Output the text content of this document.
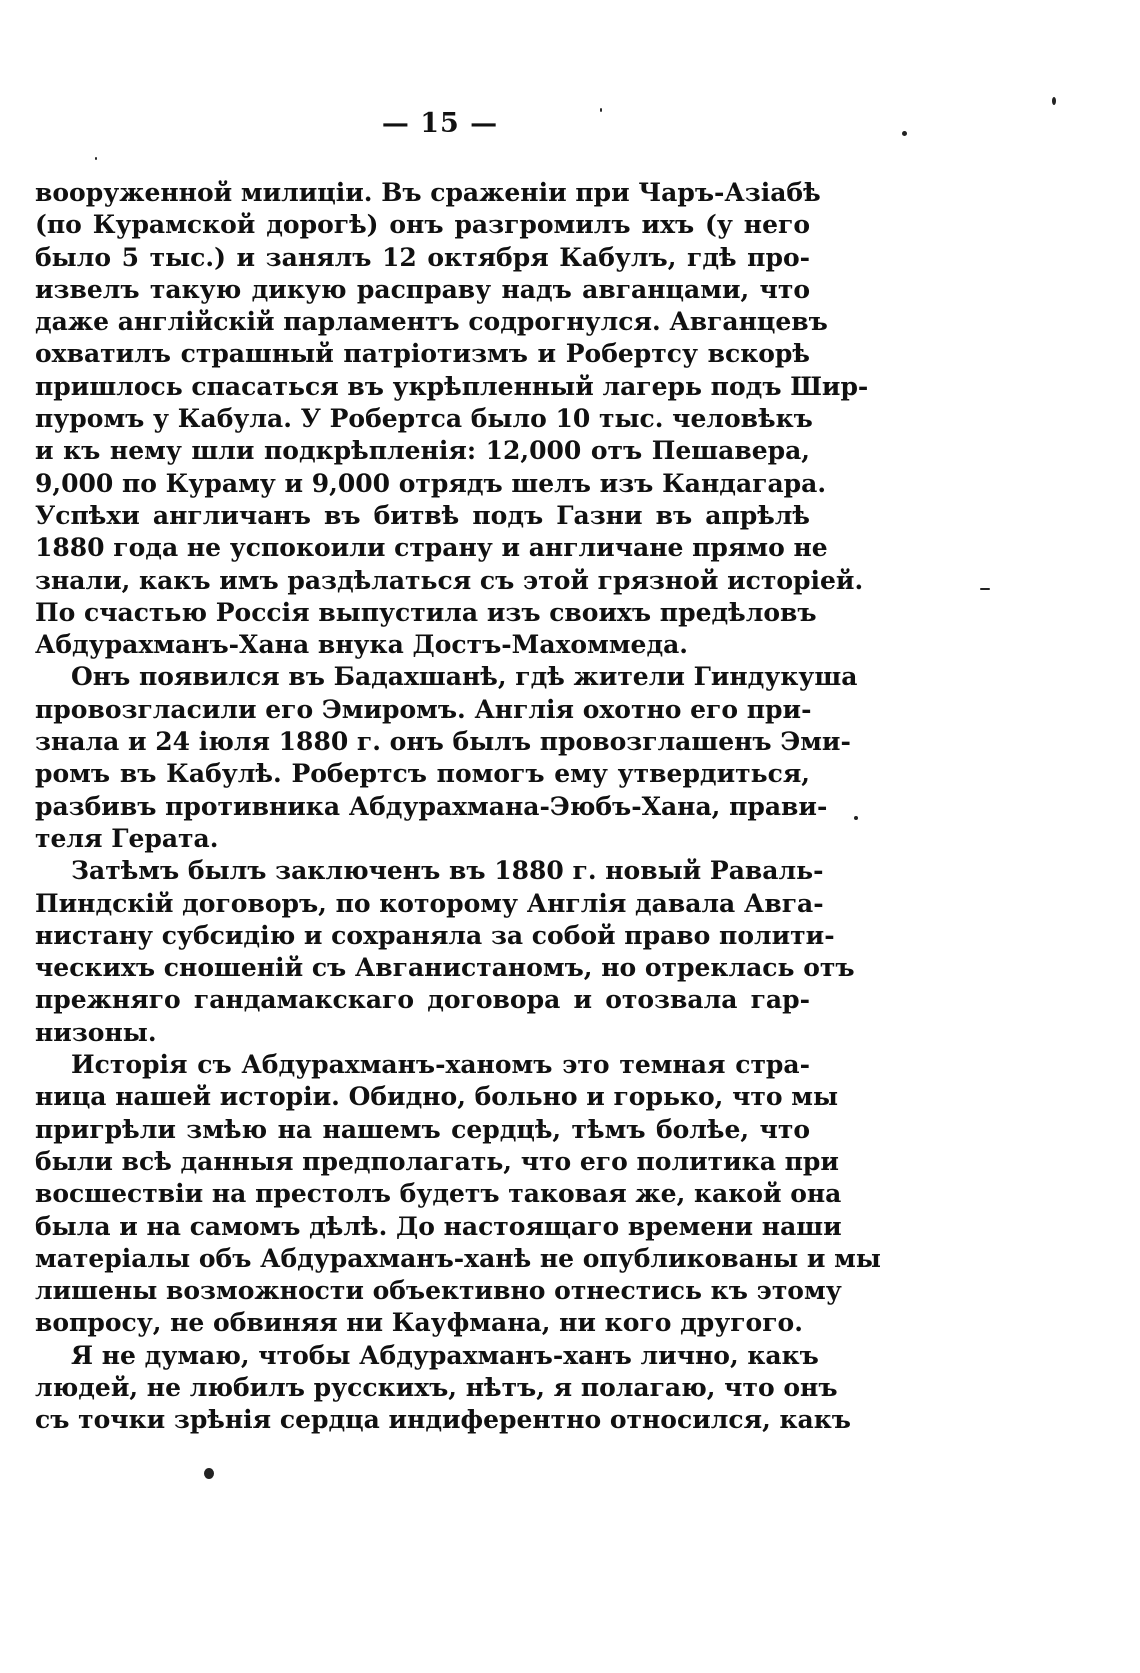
— 15 —
вооруженной милиціи. Въ сраженіи при Чаръ-Азіабѣ
(по Курамской дорогѣ) онъ разгромилъ ихъ (у него
было 5 тыс.) и занялъ 12 октября Кабулъ, гдѣ про-
извелъ такую дикую расправу надъ авганцами, что
даже англійскій парламентъ содрогнулся. Авганцевъ
охватилъ страшный патріотизмъ и Робертсу вскорѣ
пришлось спасаться въ укрѣпленный лагерь подъ Шир-
пуромъ у Кабула. У Робертса было 10 тыс. человѣкъ
и къ нему шли подкрѣпленія: 12,000 отъ Пешавера,
9,000 по Кураму и 9,000 отрядъ шелъ изъ Кандагара.
Успѣхи англичанъ въ битвѣ подъ Газни въ апрѣлѣ
1880 года не успокоили страну и англичане прямо не
знали, какъ имъ раздѣлаться съ этой грязной исторіей.
По счастью Россія выпустила изъ своихъ предѣловъ
Абдурахманъ-Хана внука Достъ-Махоммеда.
Онъ появился въ Бадахшанѣ, гдѣ жители Гиндукуша
провозгласили его Эмиромъ. Англія охотно его при-
знала и 24 іюля 1880 г. онъ былъ провозглашенъ Эми-
ромъ въ Кабулѣ. Робертсъ помогъ ему утвердиться,
разбивъ противника Абдурахмана-Эюбъ-Хана, прави-
теля Герата.
Затѣмъ былъ заключенъ въ 1880 г. новый Раваль-
Пиндскій договоръ, по которому Англія давала Авга-
нистану субсидію и сохраняла за собой право полити-
ческихъ сношеній съ Авганистаномъ, но отреклась отъ
прежняго гандамакскаго договора и отозвала гар-
низоны.
Исторія съ Абдурахманъ-ханомъ это темная стра-
ница нашей исторіи. Обидно, больно и горько, что мы
пригрѣли змѣю на нашемъ сердцѣ, тѣмъ болѣе, что
были всѣ данныя предполагать, что его политика при
восшествіи на престолъ будетъ таковая же, какой она
была и на самомъ дѣлѣ. До настоящаго времени наши
матеріалы объ Абдурахманъ-ханѣ не опубликованы и мы
лишены возможности объективно отнестись къ этому
вопросу, не обвиняя ни Кауфмана, ни кого другого.
Я не думаю, чтобы Абдурахманъ-ханъ лично, какъ
людей, не любилъ русскихъ, нѣтъ, я полагаю, что онъ
съ точки зрѣнія сердца индиферентно относился, какъ
